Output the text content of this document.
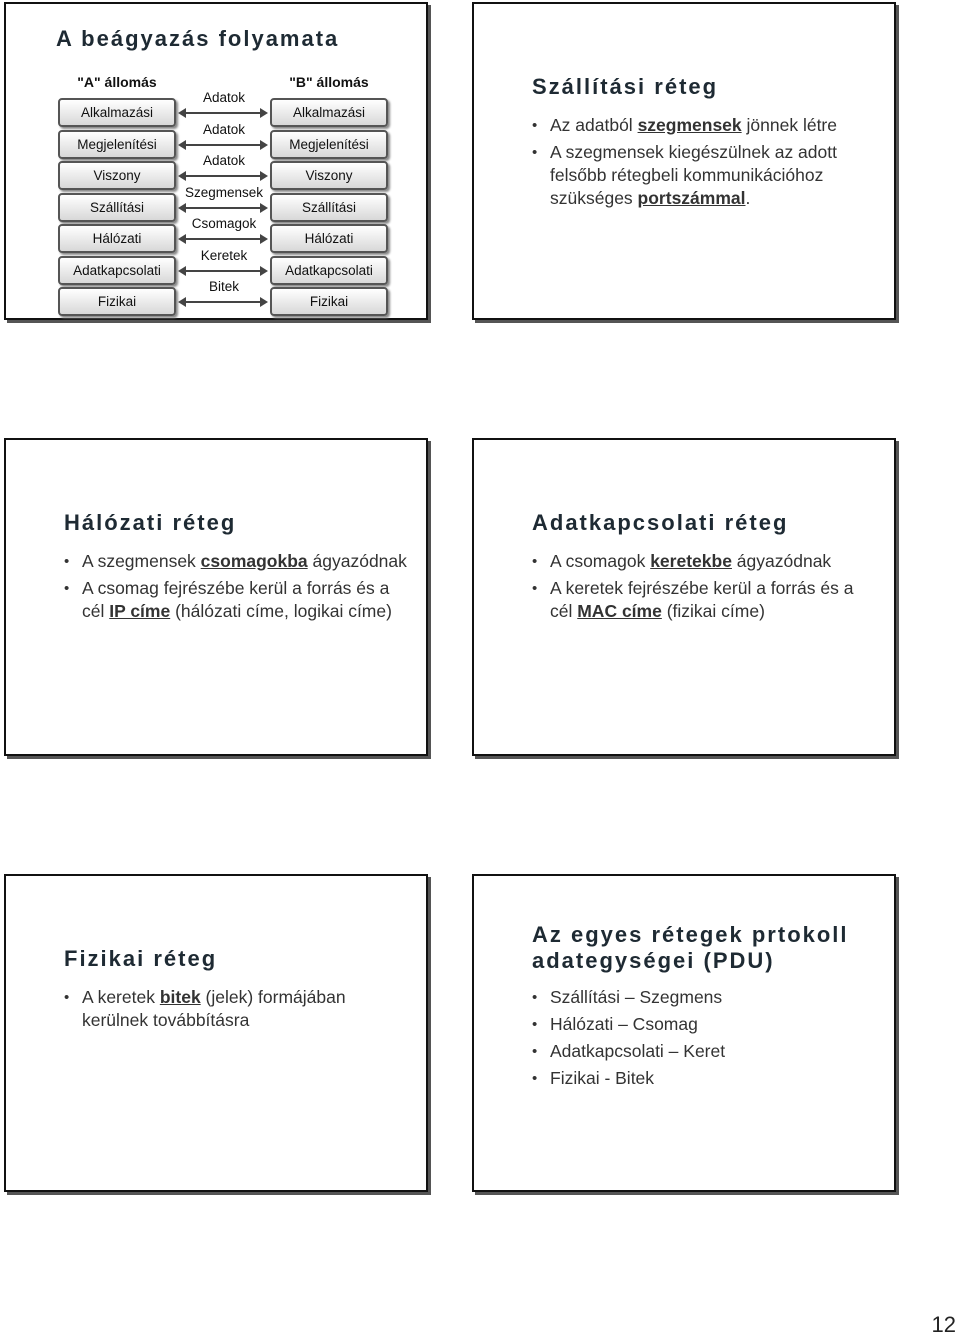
A beágyazás folyamata
"A" állomás	"B" állomás
Alkalmazási	Alkalmazási
Adatok
Megjelenítési	Megjelenítési
Adatok
Viszony	Viszony
Adatok
Szállítási	Szállítási
Szegmensek
Hálózati	Hálózati
Csomagok
Adatkapcsolati	Adatkapcsolati
Keretek
Fizikai	Fizikai
Bitek
Szállítási réteg
• Az adatból szegmensek jönnek létre
• A szegmensek kiegészülnek az adott felsőbb rétegbeli kommunikációhoz szükséges portszámmal.
Hálózati réteg
• A szegmensek csomagokba ágyazódnak
• A csomag fejrészébe kerül a forrás és a cél IP címe (hálózati címe, logikai címe)
Adatkapcsolati réteg
• A csomagok keretekbe ágyazódnak
• A keretek fejrészébe kerül a forrás és a cél MAC címe (fizikai címe)
Fizikai réteg
• A keretek bitek (jelek) formájában kerülnek továbbításra
Az egyes rétegek prtokoll adategységei (PDU)
• Szállítási – Szegmens
• Hálózati – Csomag
• Adatkapcsolati – Keret
• Fizikai - Bitek
12
